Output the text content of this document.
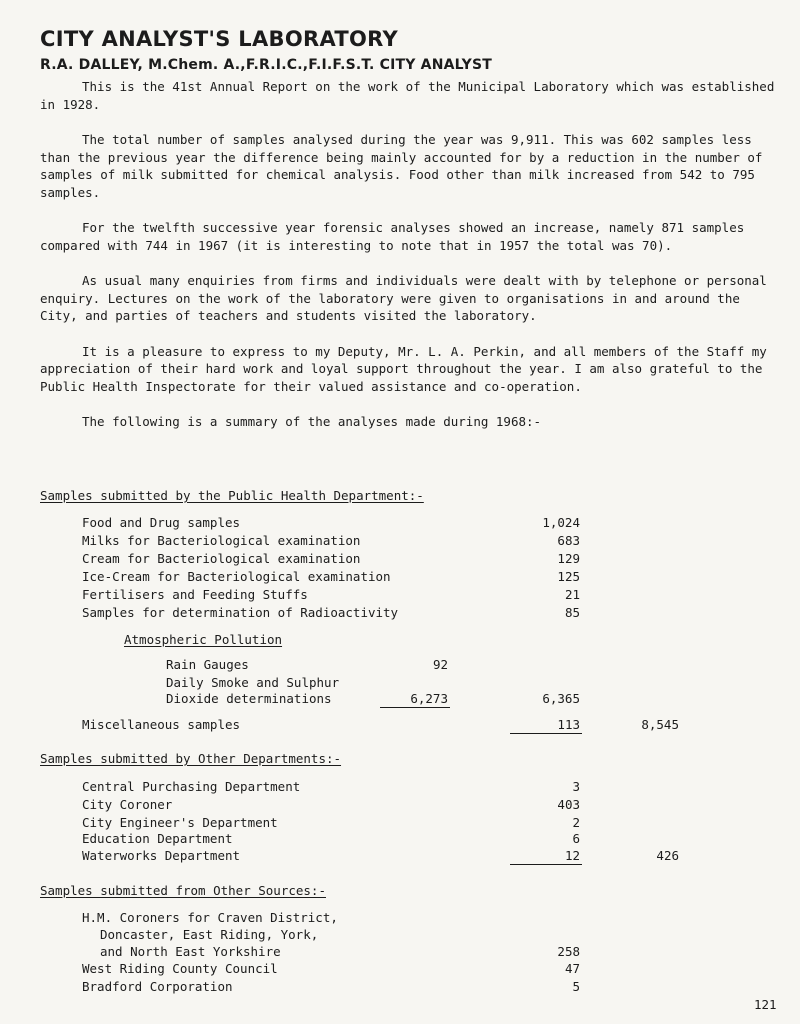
CITY ANALYST'S LABORATORY
R.A. DALLEY, M.Chem. A.,F.R.I.C.,F.I.F.S.T. CITY ANALYST

This is the 41st Annual Report on the work of the Municipal Laboratory which was established in 1928.

The total number of samples analysed during the year was 9,911. This was 602 samples less than the previous year the difference being mainly accounted for by a reduction in the number of samples of milk submitted for chemical analysis. Food other than milk increased from 542 to 795 samples.

For the twelfth successive year forensic analyses showed an increase, namely 871 samples compared with 744 in 1967 (it is interesting to note that in 1957 the total was 70).

As usual many enquiries from firms and individuals were dealt with by telephone or personal enquiry. Lectures on the work of the laboratory were given to organisations in and around the City, and parties of teachers and students visited the laboratory.

It is a pleasure to express to my Deputy, Mr. L. A. Perkin, and all members of the Staff my appreciation of their hard work and loyal support throughout the year. I am also grateful to the Public Health Inspectorate for their valued assistance and co-operation.

The following is a summary of the analyses made during 1968:-

Samples submitted by the Public Health Department:-
Food and Drug samples	1,024
Milks for Bacteriological examination	683
Cream for Bacteriological examination	129
Ice-Cream for Bacteriological examination	125
Fertilisers and Feeding Stuffs	21
Samples for determination of Radioactivity	85
Atmospheric Pollution
Rain Gauges	92
Daily Smoke and Sulphur
Dioxide determinations	6,273	6,365
Miscellaneous samples	113	8,545
Samples submitted by Other Departments:-
Central Purchasing Department	3
City Coroner	403
City Engineer's Department	2
Education Department	6
Waterworks Department	12	426
Samples submitted from Other Sources:-
H.M. Coroners for Craven District,
Doncaster, East Riding, York,
and North East Yorkshire	258
West Riding County Council	47
Bradford Corporation	5
121
